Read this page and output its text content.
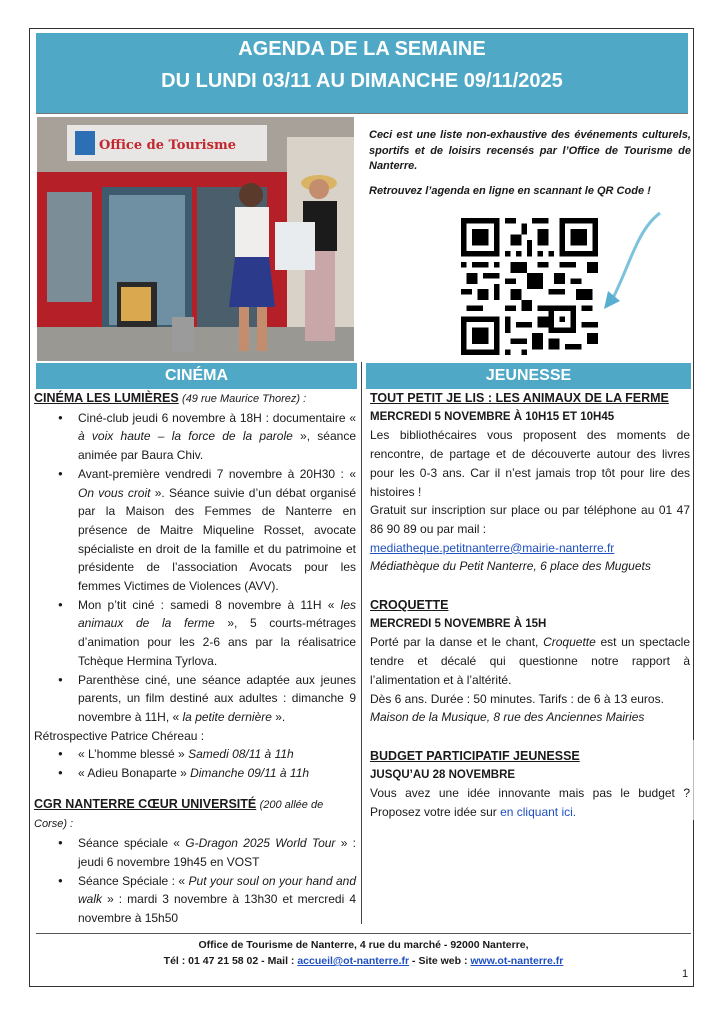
AGENDA DE LA SEMAINE
DU LUNDI 03/11 AU DIMANCHE 09/11/2025
Office de Tourisme

Ceci est une liste non-exhaustive des événements culturels, sportifs et de loisirs recensés par l’Office de Tourisme de Nanterre.

Retrouvez l’agenda en ligne en scannant le QR Code !

CINÉMA	JEUNESSE
CINÉMA LES LUMIÈRES (49 rue Maurice Thorez) :
● Ciné-club jeudi 6 novembre à 18H : documentaire « à voix haute – la force de la parole », séance animée par Baura Chiv.
● Avant-première vendredi 7 novembre à 20H30 : « On vous croit ». Séance suivie d’un débat organisé par la Maison des Femmes de Nanterre en présence de Maitre Miqueline Rosset, avocate spécialiste en droit de la famille et du patrimoine et présidente de l’association Avocats pour les femmes Victimes de Violences (AVV).
● Mon p’tit ciné : samedi 8 novembre à 11H « les animaux de la ferme », 5 courts-métrages d’animation pour les 2-6 ans par la réalisatrice Tchèque Hermina Tyrlova.
● Parenthèse ciné, une séance adaptée aux jeunes parents, un film destiné aux adultes : dimanche 9 novembre à 11H, « la petite dernière ».
Rétrospective Patrice Chéreau :
● « L’homme blessé » Samedi 08/11 à 11h
● « Adieu Bonaparte » Dimanche 09/11 à 11h
CGR NANTERRE CŒUR UNIVERSITÉ (200 allée de Corse) :
● Séance spéciale « G-Dragon 2025 World Tour » : jeudi 6 novembre 19h45 en VOST
● Séance Spéciale : « Put your soul on your hand and walk » : mardi 3 novembre à 13h30 et mercredi 4 novembre à 15h50
TOUT PETIT JE LIS : LES ANIMAUX DE LA FERME
MERCREDI 5 NOVEMBRE À 10H15 ET 10H45

Les bibliothécaires vous proposent des moments de rencontre, de partage et de découverte autour des livres pour les 0-3 ans. Car il n’est jamais trop tôt pour lire des histoires !

Gratuit sur inscription sur place ou par téléphone au 01 47 86 90 89 ou par mail :

mediatheque.petitnanterre@mairie-nanterre.fr
Médiathèque du Petit Nanterre, 6 place des Muguets
CROQUETTE
MERCREDI 5 NOVEMBRE À 15H

Porté par la danse et le chant, Croquette est un spectacle tendre et décalé qui questionne notre rapport à l’alimentation et à l’altérité.

Dès 6 ans. Durée : 50 minutes. Tarifs : de 6 à 13 euros.
Maison de la Musique, 8 rue des Anciennes Mairies
BUDGET PARTICIPATIF JEUNESSE
JUSQU’AU 28 NOVEMBRE

Vous avez une idée innovante mais pas le budget ? Proposez votre idée sur en cliquant ici.

Office de Tourisme de Nanterre, 4 rue du marché - 92000 Nanterre,
Tél : 01 47 21 58 02 - Mail : accueil@ot-nanterre.fr - Site web : www.ot-nanterre.fr
1
